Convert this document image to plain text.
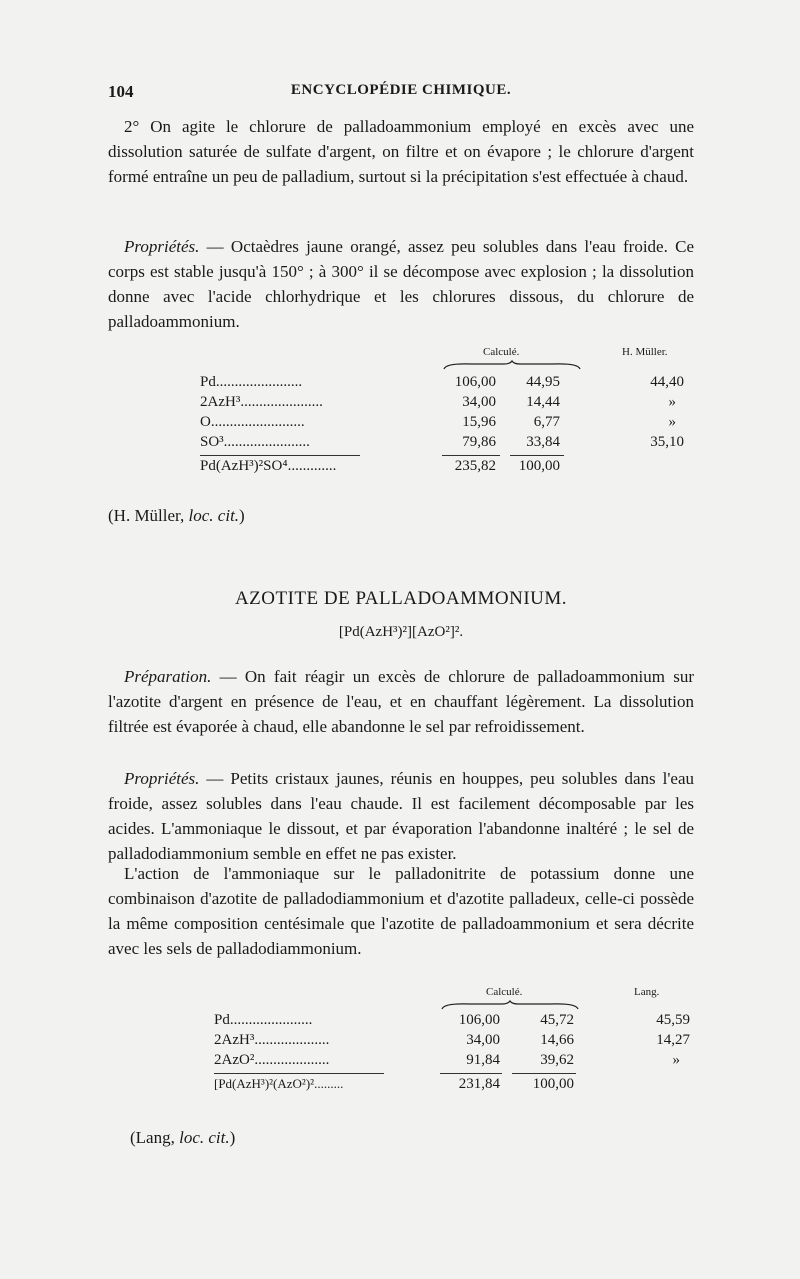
104	ENCYCLOPÉDIE CHIMIQUE.

2° On agite le chlorure de palladoammonium employé en excès avec une dissolution saturée de sulfate d'argent, on filtre et on évapore ; le chlorure d'argent formé entraîne un peu de palladium, surtout si la précipitation s'est effectuée à chaud.

Propriétés. — Octaèdres jaune orangé, assez peu solubles dans l'eau froide. Ce corps est stable jusqu'à 150° ; à 300° il se décompose avec explosion ; la dissolution donne avec l'acide chlorhydrique et les chlorures dissous, du chlorure de palladoammonium.

Calculé.	H. Müller.
Pd.......................	106,00 44,95	44,40
2AzH³......................	34,00 14,44	»
O.........................	15,96	6,77	»
SO³.......................	79,86 33,84	35,10
Pd(AzH³)²SO⁴.............	235,82 100,00
(H. Müller, loc. cit.)
AZOTITE DE PALLADOAMMONIUM.
[Pd(AzH³)²][AzO²]².

Préparation. — On fait réagir un excès de chlorure de palladoammonium sur l'azotite d'argent en présence de l'eau, et en chauffant légèrement. La dissolution filtrée est évaporée à chaud, elle abandonne le sel par refroidissement.

Propriétés. — Petits cristaux jaunes, réunis en houppes, peu solubles dans l'eau froide, assez solubles dans l'eau chaude. Il est facilement décomposable par les acides. L'ammoniaque le dissout, et par évaporation l'abandonne inaltéré ; le sel de palladodiammonium semble en effet ne pas exister.

L'action de l'ammoniaque sur le palladonitrite de potassium donne une combinaison d'azotite de palladodiammonium et d'azotite palladeux, celle-ci possède la même composition centésimale que l'azotite de palladoammonium et sera décrite avec les sels de palladodiammonium.

Calculé.	Lang.
Pd......................	106,00	45,72	45,59
2AzH³....................	34,00	14,66	14,27
2AzO²....................	91,84	39,62	»
[Pd(AzH³)²(AzO²)².........	231,84 100,00
(Lang, loc. cit.)
